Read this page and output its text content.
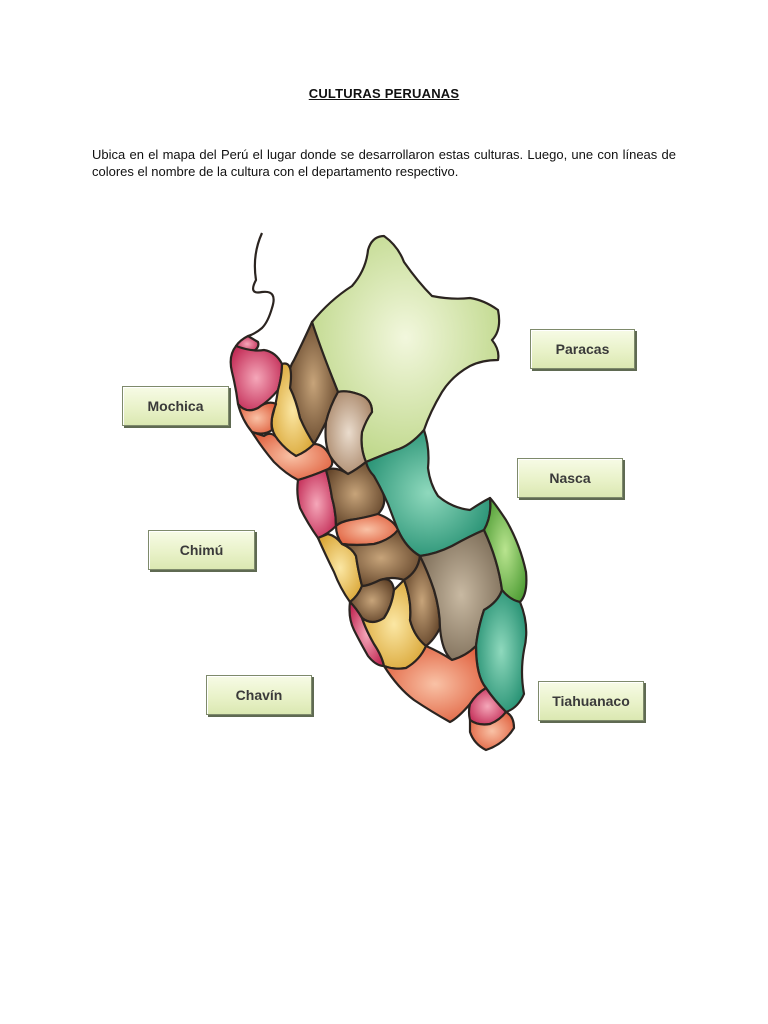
CULTURAS PERUANAS
Ubica en el mapa del Perú el lugar donde se desarrollaron estas culturas. Luego, une con líneas de colores el nombre de la cultura con el departamento respectivo.
Mochica
Chimú
Chavín
Paracas
Nasca
Tiahuanaco
